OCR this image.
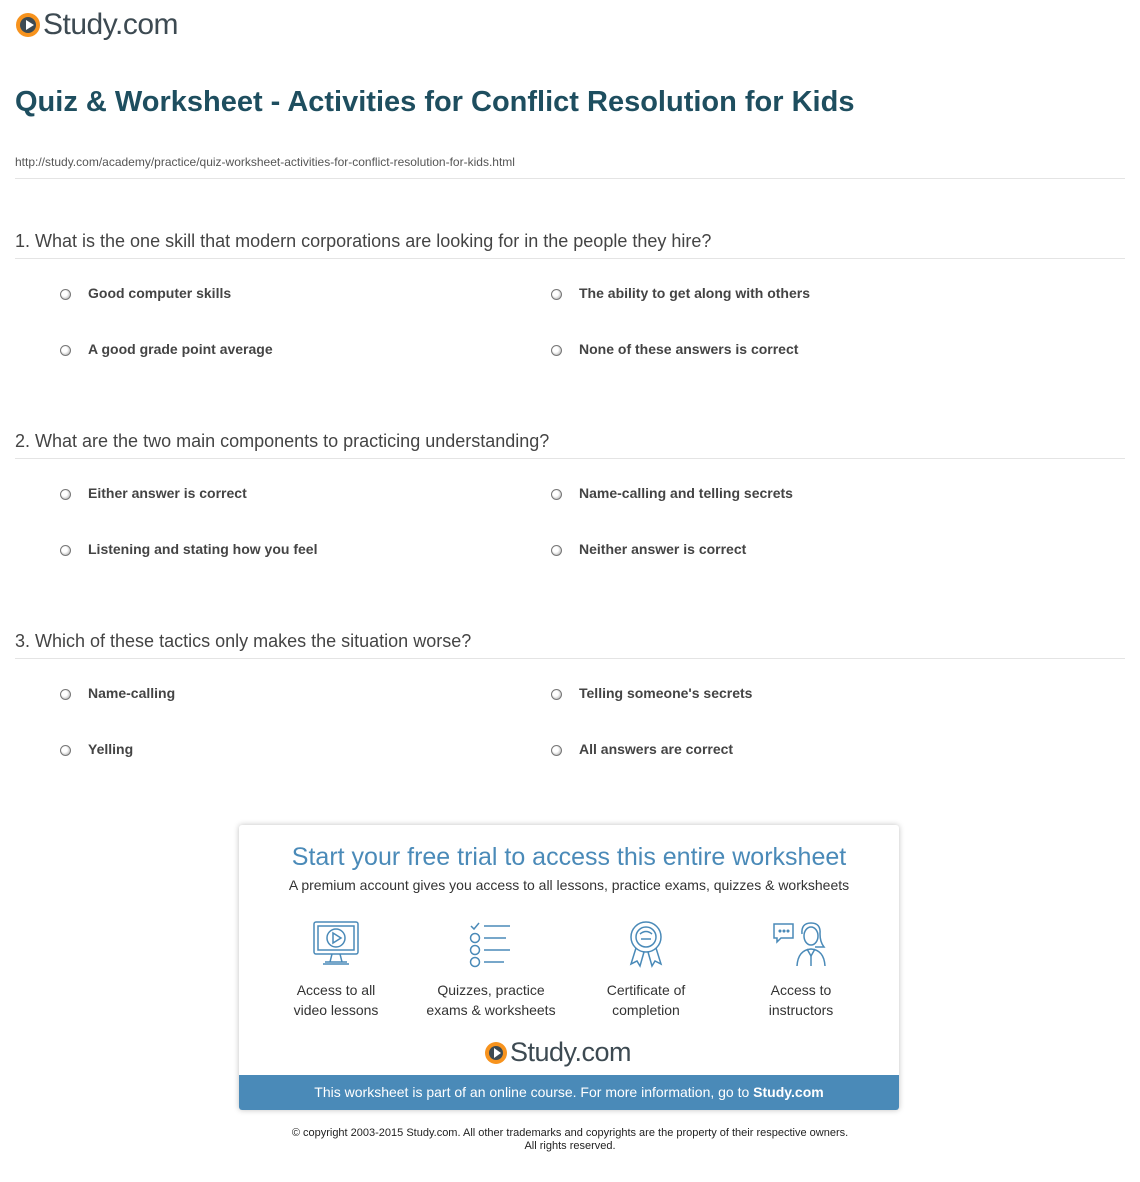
Study.com
Quiz & Worksheet - Activities for Conflict Resolution for Kids
http://study.com/academy/practice/quiz-worksheet-activities-for-conflict-resolution-for-kids.html
1. What is the one skill that modern corporations are looking for in the people they hire?
Good computer skills	The ability to get along with others
A good grade point average	None of these answers is correct
2. What are the two main components to practicing understanding?
Either answer is correct	Name-calling and telling secrets
Listening and stating how you feel	Neither answer is correct
3. Which of these tactics only makes the situation worse?
Name-calling	Telling someone's secrets
Yelling	All answers are correct
Start your free trial to access this entire worksheet
A premium account gives you access to all lessons, practice exams, quizzes & worksheets
Access to all
video lessons
Quizzes, practice
exams & worksheets
Certificate of
completion
Access to
instructors
Study.com
This worksheet is part of an online course. For more information, go to Study.com
© copyright 2003-2015 Study.com. All other trademarks and copyrights are the property of their respective owners.
All rights reserved.
